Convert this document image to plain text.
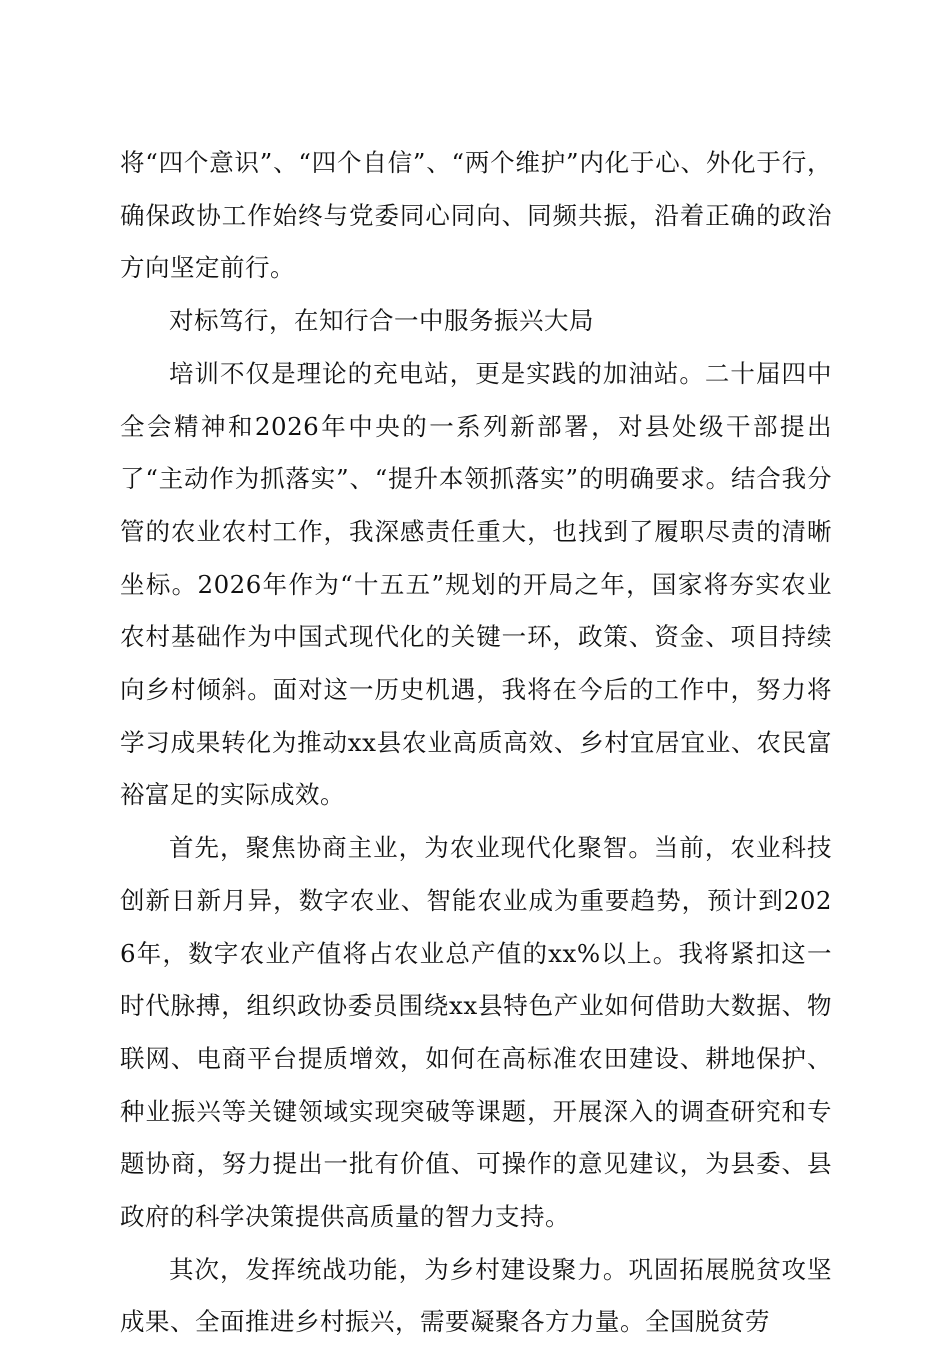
将“四个意识”、“四个自信”、“两个维护”内化于心、外化于行，确保政协工作始终与党委同心同向、同频共振，沿着正确的政治方向坚定前行。

对标笃行，在知行合一中服务振兴大局

培训不仅是理论的充电站，更是实践的加油站。二十届四中全会精神和2026年中央的一系列新部署，对县处级干部提出了“主动作为抓落实”、“提升本领抓落实”的明确要求。结合我分管的农业农村工作，我深感责任重大，也找到了履职尽责的清晰坐标。2026年作为“十五五”规划的开局之年，国家将夯实农业农村基础作为中国式现代化的关键一环，政策、资金、项目持续向乡村倾斜。面对这一历史机遇，我将在今后的工作中，努力将学习成果转化为推动xx县农业高质高效、乡村宜居宜业、农民富裕富足的实际成效。

首先，聚焦协商主业，为农业现代化聚智。当前，农业科技创新日新月异，数字农业、智能农业成为重要趋势，预计到2026年，数字农业产值将占农业总产值的xx%以上。我将紧扣这一时代脉搏，组织政协委员围绕xx县特色产业如何借助大数据、物联网、电商平台提质增效，如何在高标准农田建设、耕地保护、种业振兴等关键领域实现突破等课题，开展深入的调查研究和专题协商，努力提出一批有价值、可操作的意见建议，为县委、县政府的科学决策提供高质量的智力支持。

其次，发挥统战功能，为乡村建设聚力。巩固拓展脱贫攻坚成果、全面推进乡村振兴，需要凝聚各方力量。全国脱贫劳
